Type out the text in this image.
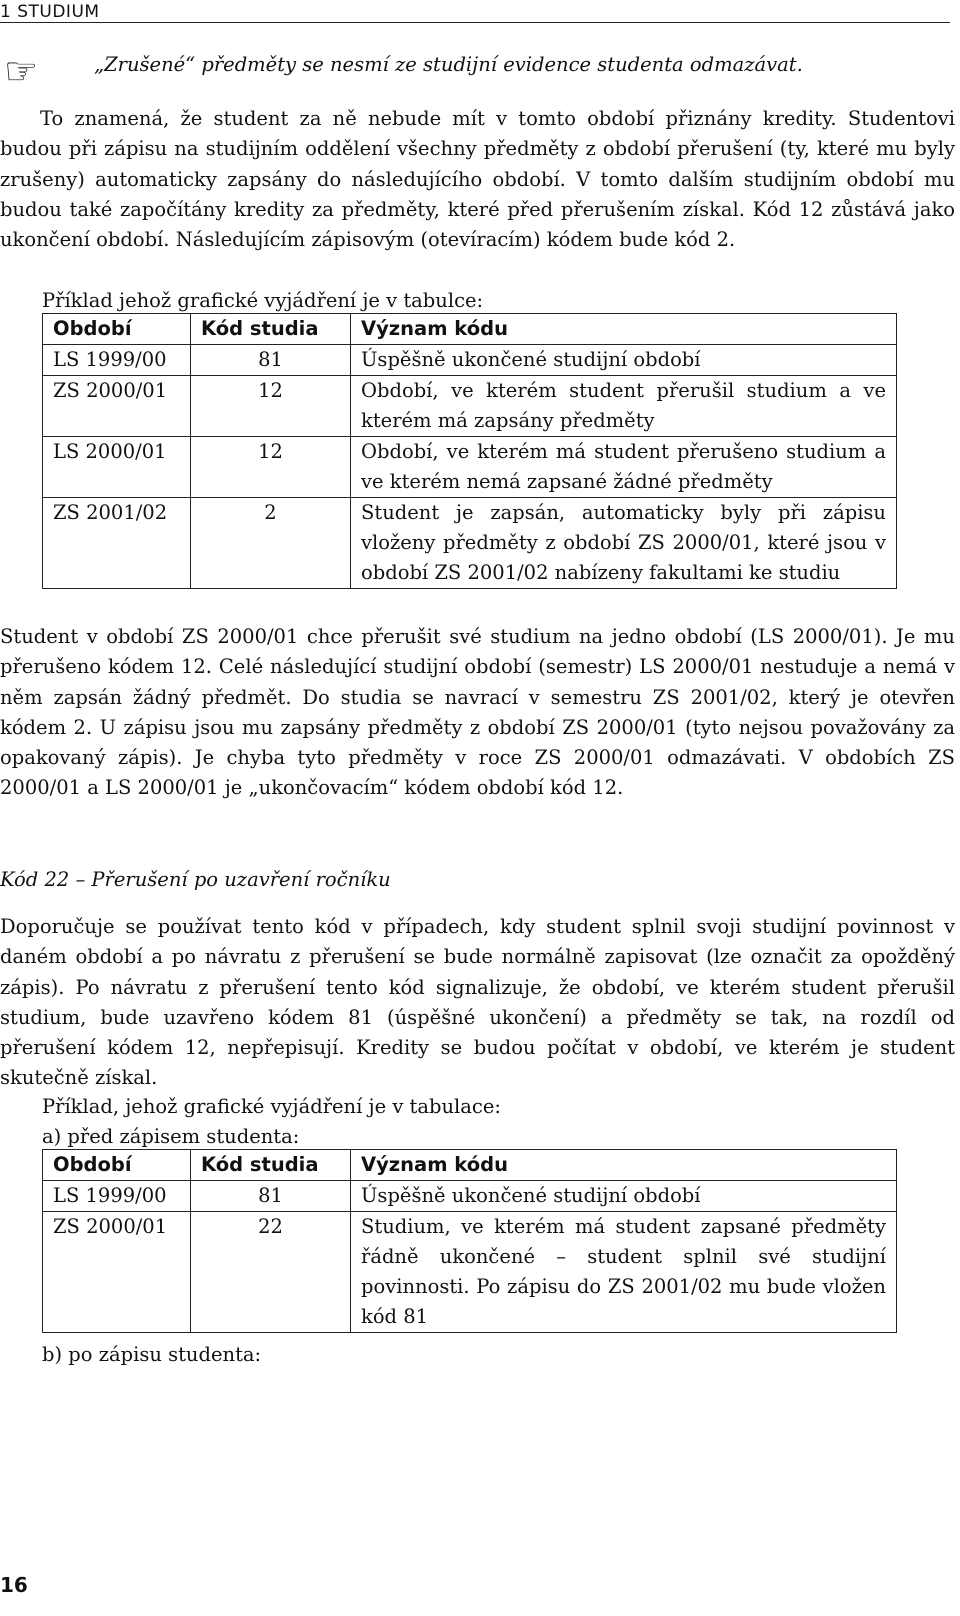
1 STUDIUM
☞	„Zrušené“ předměty se nesmí ze studijní evidence studenta odmazávat.
To znamená, že student za ně nebude mít v tomto období přiznány kredity. Studentovi budou při zápisu na studijním oddělení všechny předměty z období přerušení (ty, které mu byly zrušeny) automaticky zapsány do následujícího období. V tomto dalším studijním období mu budou také započítány kredity za předměty, které před přerušením získal. Kód 12 zůstává jako ukončení období. Následujícím zápisovým (otevíracím) kódem bude kód 2.
Příklad jehož grafické vyjádření je v tabulce:
Období	Kód studia	Význam kódu
LS 1999/00	81	Úspěšně ukončené studijní období
ZS 2000/01	12	Období, ve kterém student přerušil studium a ve kterém má zapsány předměty
LS 2000/01	12	Období, ve kterém má student přerušeno studium a ve kterém nemá zapsané žádné předměty
ZS 2001/02	2	Student je zapsán, automaticky byly při zápisu vloženy předměty z období ZS 2000/01, které jsou v období ZS 2001/02 nabízeny fakultami ke studiu
Student v období ZS 2000/01 chce přerušit své studium na jedno období (LS 2000/01). Je mu přerušeno kódem 12. Celé následující studijní období (semestr) LS 2000/01 nestuduje a nemá v něm zapsán žádný předmět. Do studia se navrací v semestru ZS 2001/02, který je otevřen kódem 2. U zápisu jsou mu zapsány předměty z období ZS 2000/01 (tyto nejsou považovány za opakovaný zápis). Je chyba tyto předměty v roce ZS 2000/01 odmazávati. V obdobích ZS 2000/01 a LS 2000/01 je „ukončovacím“ kódem období kód 12.
Kód 22 – Přerušení po uzavření ročníku
Doporučuje se používat tento kód v případech, kdy student splnil svoji studijní povinnost v daném období a po návratu z přerušení se bude normálně zapisovat (lze označit za opožděný zápis). Po návratu z přerušení tento kód signalizuje, že období, ve kterém student přerušil studium, bude uzavřeno kódem 81 (úspěšné ukončení) a předměty se tak, na rozdíl od přerušení kódem 12, nepřepisují. Kredity se budou počítat v období, ve kterém je student skutečně získal.
Příklad, jehož grafické vyjádření je v tabulace:
a) před zápisem studenta:
Období	Kód studia	Význam kódu
LS 1999/00	81	Úspěšně ukončené studijní období
ZS 2000/01	22	Studium, ve kterém má student zapsané předměty řádně ukončené – student splnil své studijní povinnosti. Po zápisu do ZS 2001/02 mu bude vložen kód 81
b) po zápisu studenta:
16
